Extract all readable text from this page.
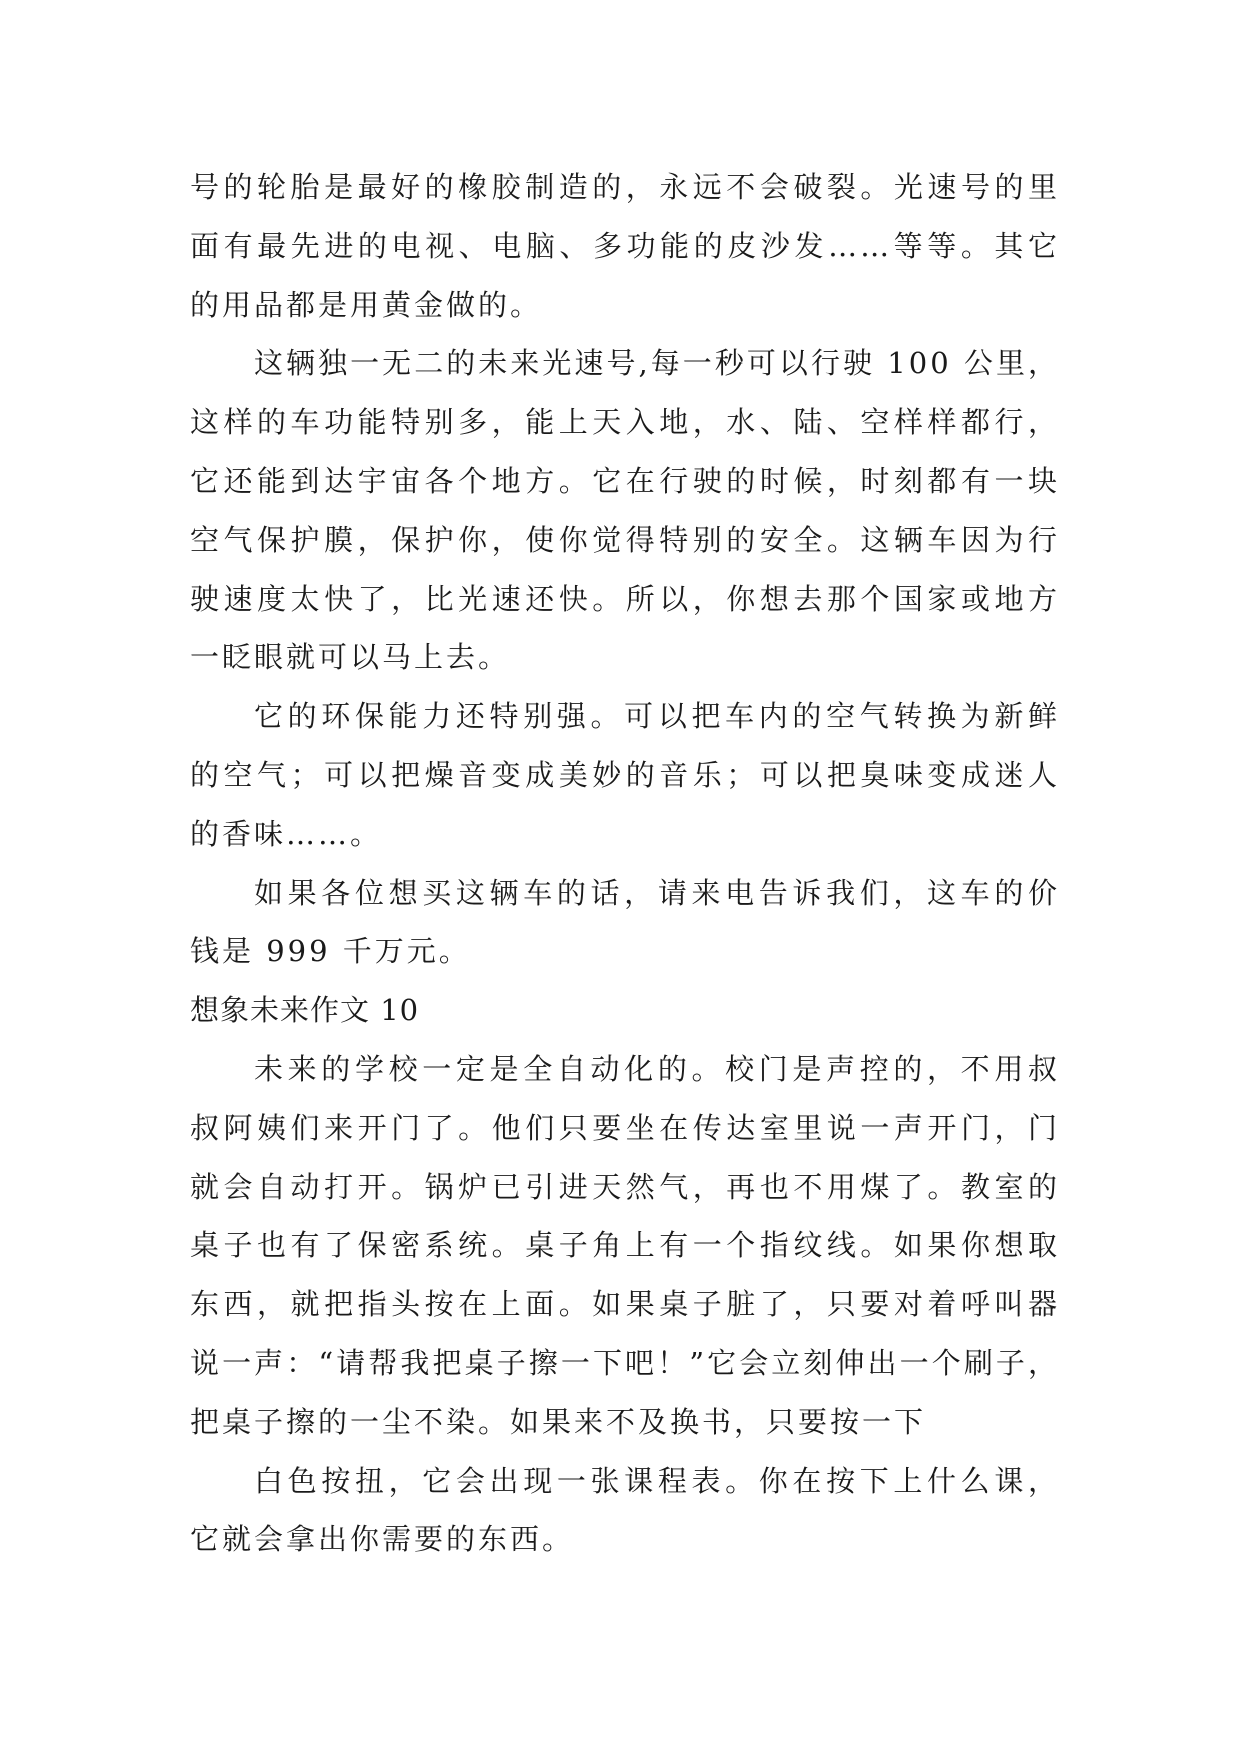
号的轮胎是最好的橡胶制造的，永远不会破裂。光速号的里
面有最先进的电视、电脑、多功能的皮沙发……等等。其它
的用品都是用黄金做的。
这辆独一无二的未来光速号,每一秒可以行驶 100 公里，
这样的车功能特别多，能上天入地，水、陆、空样样都行，
它还能到达宇宙各个地方。它在行驶的时候，时刻都有一块
空气保护膜，保护你，使你觉得特别的安全。这辆车因为行
驶速度太快了，比光速还快。所以，你想去那个国家或地方
一眨眼就可以马上去。
它的环保能力还特别强。可以把车内的空气转换为新鲜
的空气；可以把燥音变成美妙的音乐；可以把臭味变成迷人
的香味……。
如果各位想买这辆车的话，请来电告诉我们，这车的价
钱是 999 千万元。
想象未来作文 10
未来的学校一定是全自动化的。校门是声控的，不用叔
叔阿姨们来开门了。他们只要坐在传达室里说一声开门，门
就会自动打开。锅炉已引进天然气，再也不用煤了。教室的
桌子也有了保密系统。桌子角上有一个指纹线。如果你想取
东西，就把指头按在上面。如果桌子脏了，只要对着呼叫器
说一声：“请帮我把桌子擦一下吧！”它会立刻伸出一个刷子，
把桌子擦的一尘不染。如果来不及换书，只要按一下
白色按扭，它会出现一张课程表。你在按下上什么课，
它就会拿出你需要的东西。
